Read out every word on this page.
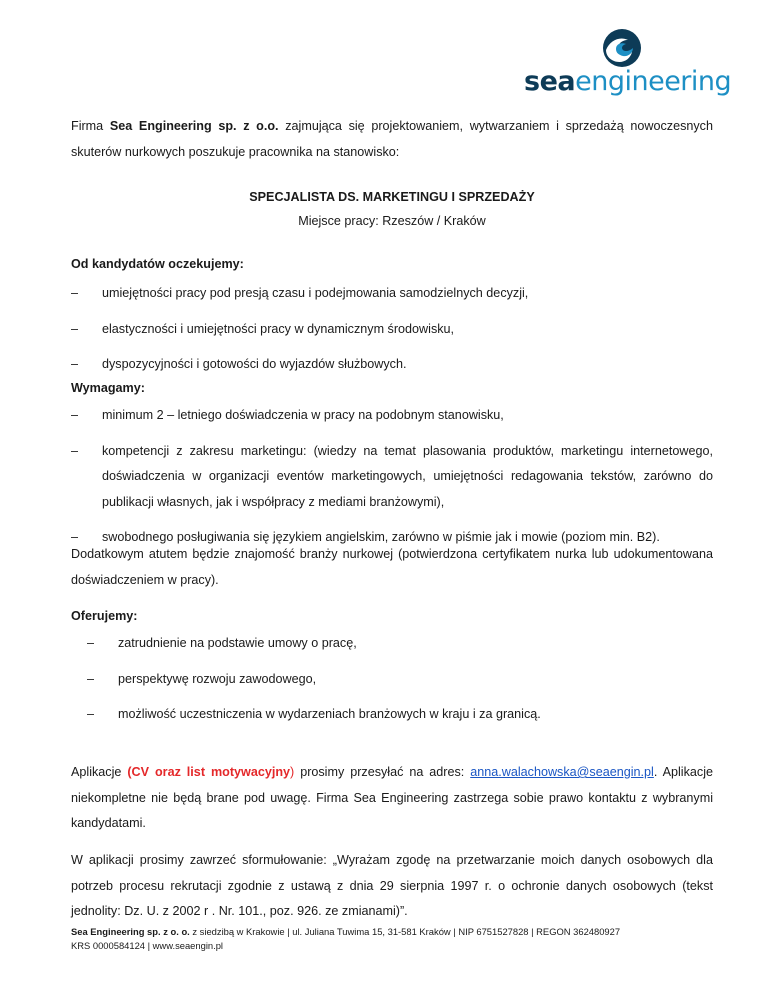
seaengineering
Firma Sea Engineering sp. z o.o. zajmująca się projektowaniem, wytwarzaniem i sprzedażą nowoczesnych skuterów nurkowych poszukuje pracownika na stanowisko:
SPECJALISTA DS. MARKETINGU I SPRZEDAŻY
Miejsce pracy: Rzeszów / Kraków
Od kandydatów oczekujemy:
– umiejętności pracy pod presją czasu i podejmowania samodzielnych decyzji,
– elastyczności i umiejętności pracy w dynamicznym środowisku,
– dyspozycyjności i gotowości do wyjazdów służbowych.
Wymagamy:
– minimum 2 – letniego doświadczenia w pracy na podobnym stanowisku,
– kompetencji z zakresu marketingu: (wiedzy na temat plasowania produktów, marketingu internetowego, doświadczenia w organizacji eventów marketingowych, umiejętności redagowania tekstów, zarówno do publikacji własnych, jak i współpracy z mediami branżowymi),
– swobodnego posługiwania się językiem angielskim, zarówno w piśmie jak i mowie (poziom min. B2).
Dodatkowym atutem będzie znajomość branży nurkowej (potwierdzona certyfikatem nurka lub udokumentowana doświadczeniem w pracy).
Oferujemy:
– zatrudnienie na podstawie umowy o pracę,
– perspektywę rozwoju zawodowego,
– możliwość uczestniczenia w wydarzeniach branżowych w kraju i za granicą.
Aplikacje (CV oraz list motywacyjny) prosimy przesyłać na adres: anna.walachowska@seaengin.pl. Aplikacje niekompletne nie będą brane pod uwagę. Firma Sea Engineering zastrzega sobie prawo kontaktu z wybranymi kandydatami.
W aplikacji prosimy zawrzeć sformułowanie: „Wyrażam zgodę na przetwarzanie moich danych osobowych dla potrzeb procesu rekrutacji zgodnie z ustawą z dnia 29 sierpnia 1997 r. o ochronie danych osobowych (tekst jednolity: Dz. U. z 2002 r . Nr. 101., poz. 926. ze zmianami)”.
Sea Engineering sp. z o. o. z siedzibą w Krakowie | ul. Juliana Tuwima 15, 31-581 Kraków | NIP 6751527828 | REGON 362480927
KRS 0000584124 | www.seaengin.pl
